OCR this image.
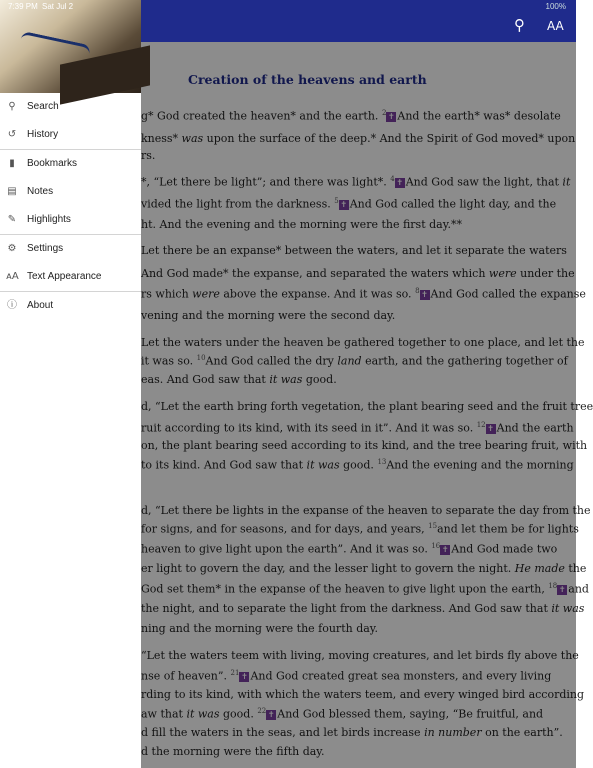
⚲ AA
7:39 PM Sat Jul 2	100%
Creation of the heavens and earth
g* God created the heaven* and the earth. $^2$ ✝ And the earth* was* desolate
kness* was upon the surface of the deep.* And the Spirit of God moved* upon
rs.
*, “Let there be light”; and there was light*. $^4$ ✝ And God saw the light, that it
vided the light from the darkness. $^5$ ✝ And God called the light day, and the
ht. And the evening and the morning were the first day.**
Let there be an expanse* between the waters, and let it separate the waters
And God made* the expanse, and separated the waters which were under the
rs which were above the expanse. And it was so. $^8$ ✝ And God called the expanse
vening and the morning were the second day.
Let the waters under the heaven be gathered together to one place, and let the
it was so. $^{10}$And God called the dry land earth, and the gathering together of
eas. And God saw that it was good.
d, “Let the earth bring forth vegetation, the plant bearing seed and the fruit tree
ruit according to its kind, with its seed in it”. And it was so. $^{12}$ ✝ And the earth
on, the plant bearing seed according to its kind, and the tree bearing fruit, with
to its kind. And God saw that it was good. $^{13}$And the evening and the morning
d, “Let there be lights in the expanse of the heaven to separate the day from the
for signs, and for seasons, and for days, and years, $^{15}$and let them be for lights
heaven to give light upon the earth”. And it was so. $^{16}$ ✝ And God made two
er light to govern the day, and the lesser light to govern the night. He made the
God set them* in the expanse of the heaven to give light upon the earth, $^{18}$ ✝ and
the night, and to separate the light from the darkness. And God saw that it was
ning and the morning were the fourth day.
“Let the waters teem with living, moving creatures, and let birds fly above the
nse of heaven”. $^{21}$ ✝ And God created great sea monsters, and every living
rding to its kind, with which the waters teem, and every winged bird according
aw that it was good. $^{22}$ ✝ And God blessed them, saying, “Be fruitful, and
d fill the waters in the seas, and let birds increase in number on the earth”.
d the morning were the fifth day.
⚲ Search
↺ History
▮	Bookmarks
▤ Notes
✎ Highlights
⚙ Settings
ᴀA Text Appearance
ⓘ About
